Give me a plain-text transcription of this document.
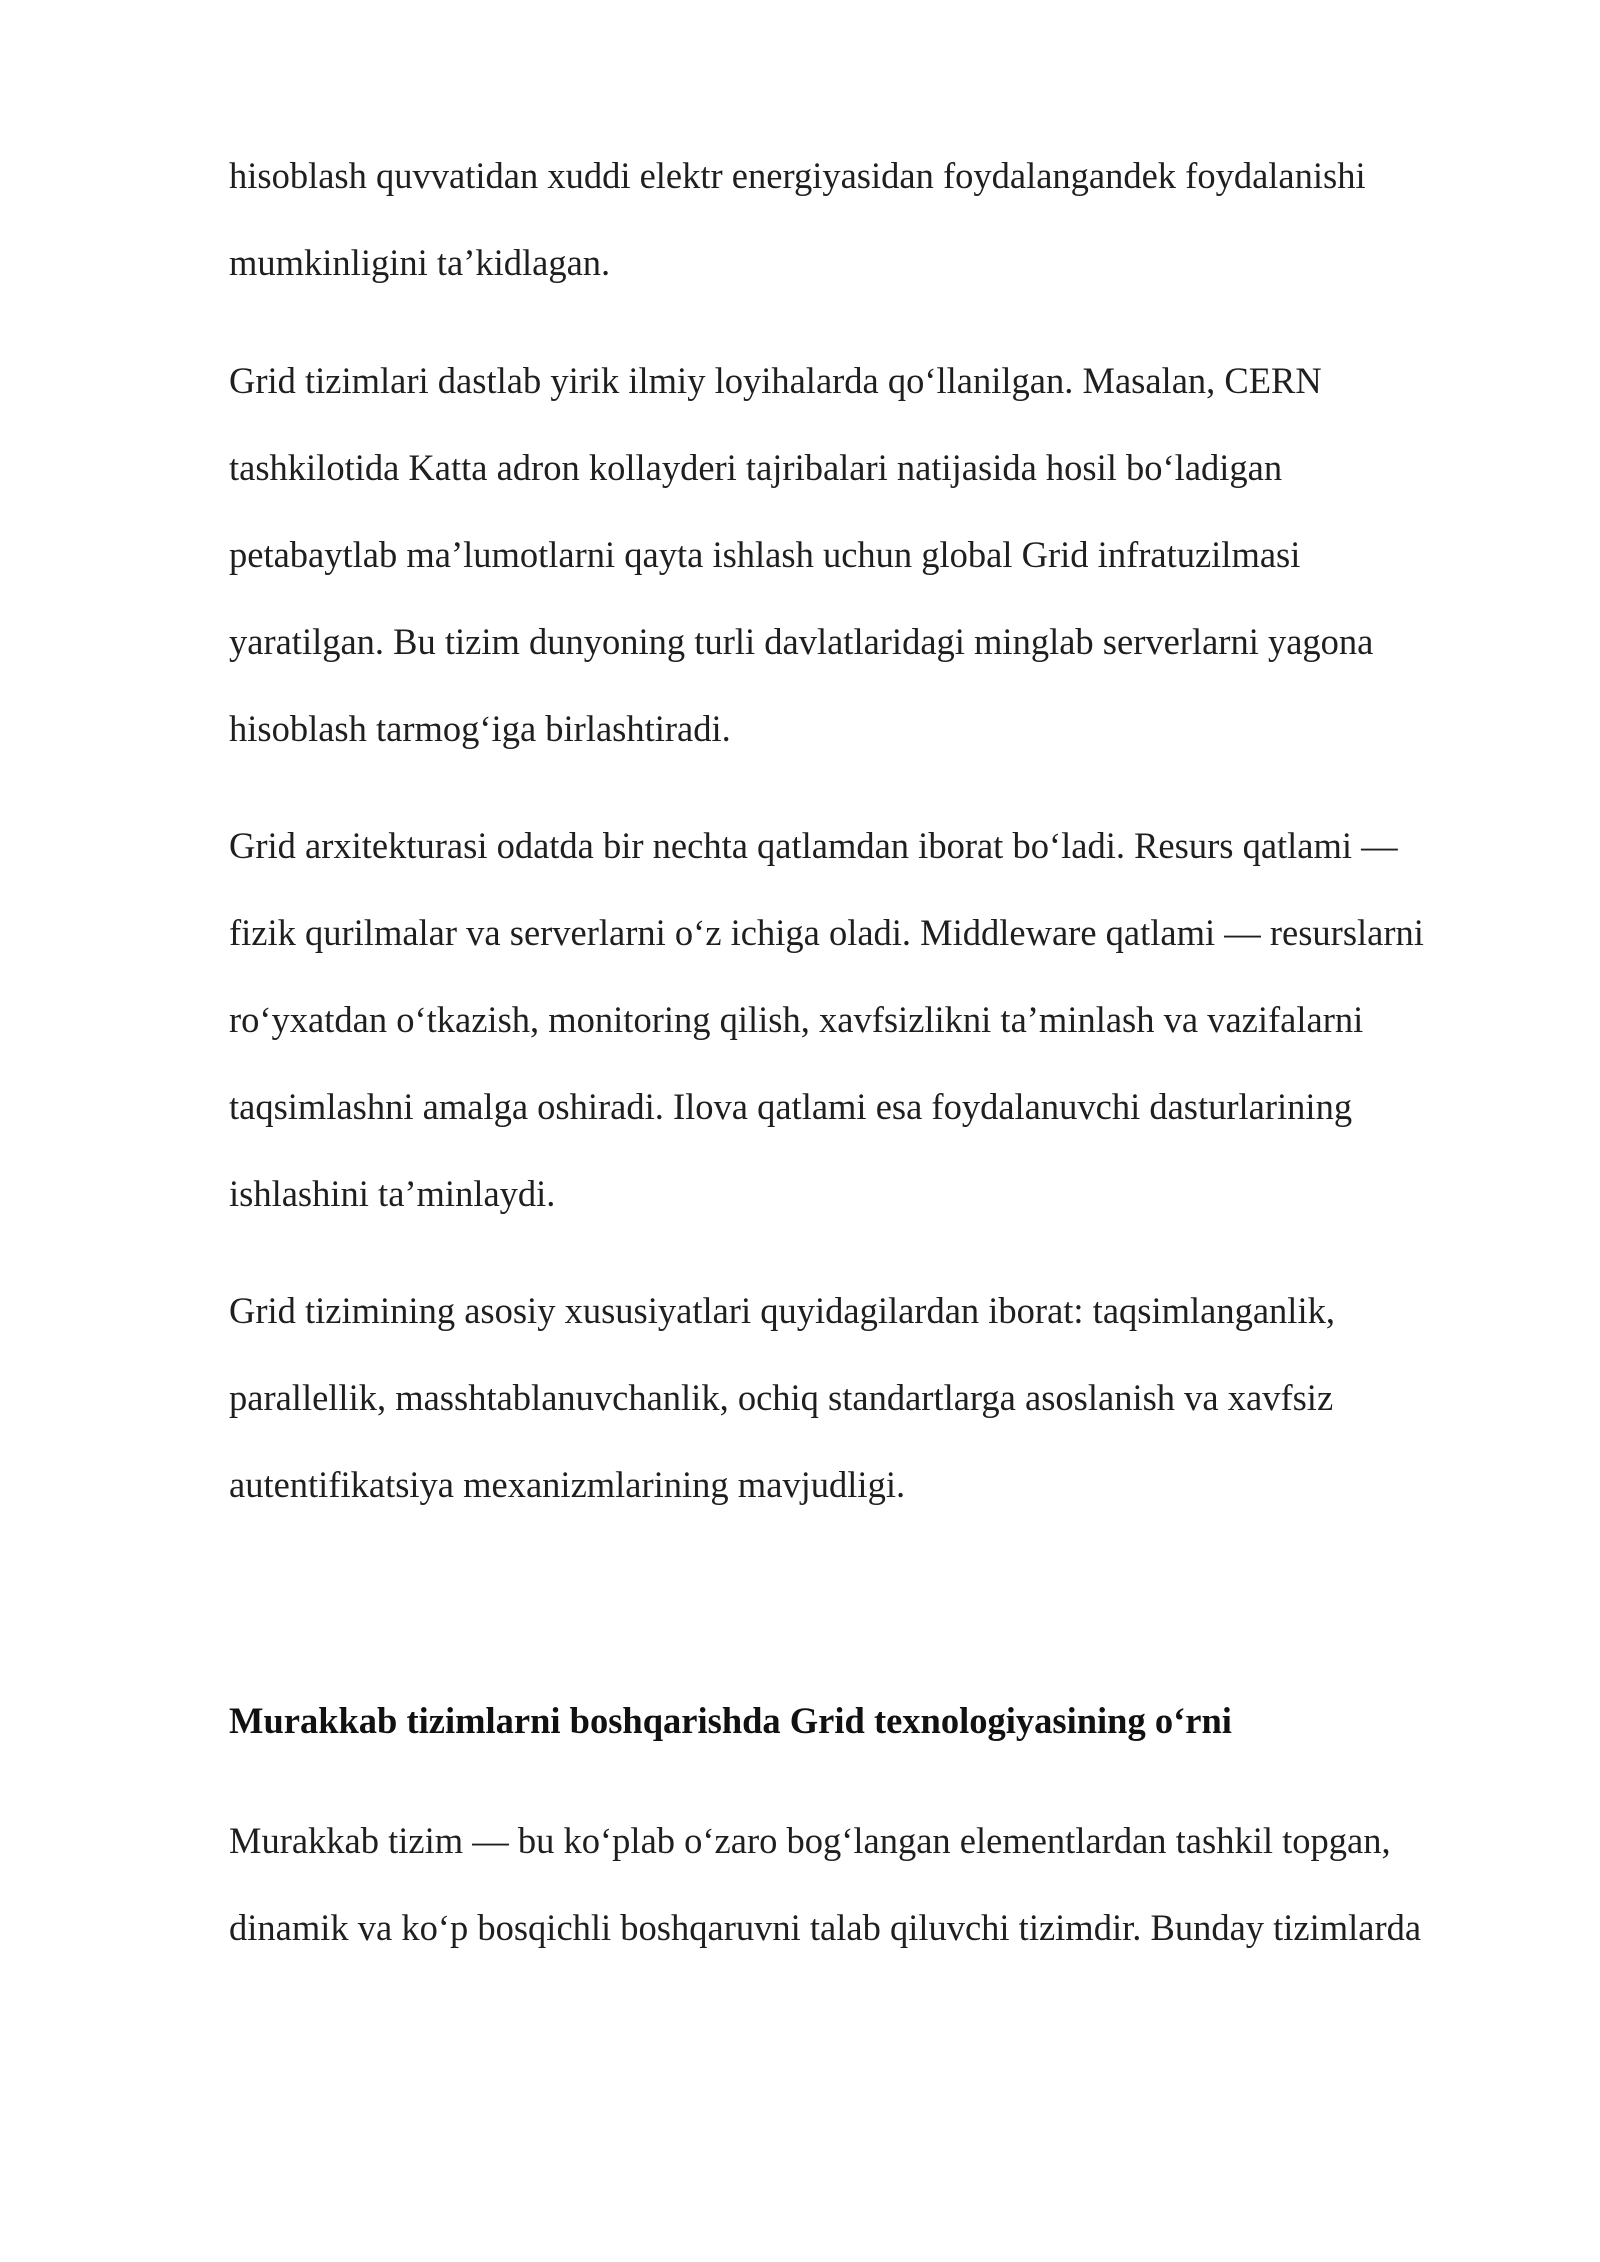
hisoblash quvvatidan xuddi elektr energiyasidan foydalangandek foydalanishi
mumkinligini ta’kidlagan.
Grid tizimlari dastlab yirik ilmiy loyihalarda qo‘llanilgan. Masalan, CERN
tashkilotida Katta adron kollayderi tajribalari natijasida hosil bo‘ladigan
petabaytlab ma’lumotlarni qayta ishlash uchun global Grid infratuzilmasi
yaratilgan. Bu tizim dunyoning turli davlatlaridagi minglab serverlarni yagona
hisoblash tarmog‘iga birlashtiradi.
Grid arxitekturasi odatda bir nechta qatlamdan iborat bo‘ladi. Resurs qatlami —
fizik qurilmalar va serverlarni o‘z ichiga oladi. Middleware qatlami — resurslarni
ro‘yxatdan o‘tkazish, monitoring qilish, xavfsizlikni ta’minlash va vazifalarni
taqsimlashni amalga oshiradi. Ilova qatlami esa foydalanuvchi dasturlarining
ishlashini ta’minlaydi.
Grid tizimining asosiy xususiyatlari quyidagilardan iborat: taqsimlanganlik,
parallellik, masshtablanuvchanlik, ochiq standartlarga asoslanish va xavfsiz
autentifikatsiya mexanizmlarining mavjudligi.
Murakkab tizimlarni boshqarishda Grid texnologiyasining o‘rni
Murakkab tizim — bu ko‘plab o‘zaro bog‘langan elementlardan tashkil topgan,
dinamik va ko‘p bosqichli boshqaruvni talab qiluvchi tizimdir. Bunday tizimlarda
